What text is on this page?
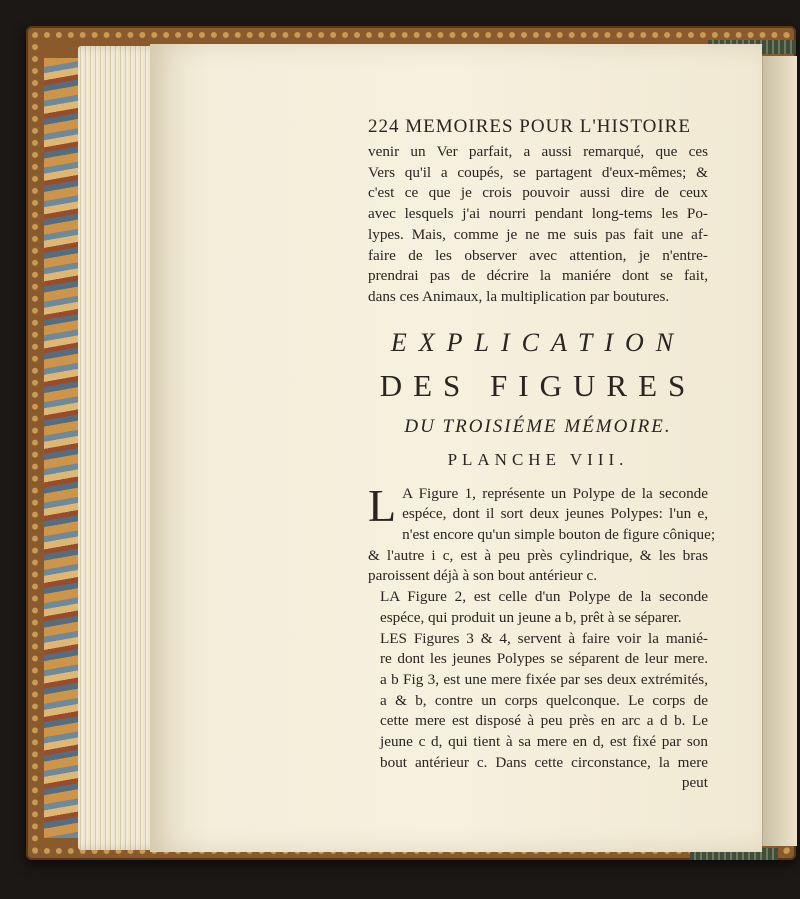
224 MEMOIRES POUR L'HISTOIRE

venir un Ver parfait, a aussi remarqué, que ces
Vers qu'il a coupés, se partagent d'eux-mêmes; &
c'est ce que je crois pouvoir aussi dire de ceux
avec lesquels j'ai nourri pendant long-tems les Po-
lypes. Mais, comme je ne me suis pas fait une af-
faire de les observer avec attention, je n'entre-
prendrai pas de décrire la maniére dont se fait,
dans ces Animaux, la multiplication par boutures.

EXPLICATION
DES FIGURES
DU TROISIÉME MÉMOIRE.
PLANCHE VIII.

L A Figure 1, représente un Polype de la seconde
espéce, dont il sort deux jeunes Polypes: l'un e,
n'est encore qu'un simple bouton de figure cônique;
& l'autre i c, est à peu près cylindrique, & les bras
paroissent déjà à son bout antérieur c.

LA Figure 2, est celle d'un Polype de la seconde
espéce, qui produit un jeune a b, prêt à se séparer.

LES Figures 3 & 4, servent à faire voir la manié-
re dont les jeunes Polypes se séparent de leur mere.
a b Fig 3, est une mere fixée par ses deux extrémités,
a & b, contre un corps quelconque. Le corps de
cette mere est disposé à peu près en arc a d b. Le
jeune c d, qui tient à sa mere en d, est fixé par son
bout antérieur c. Dans cette circonstance, la mere
peut
